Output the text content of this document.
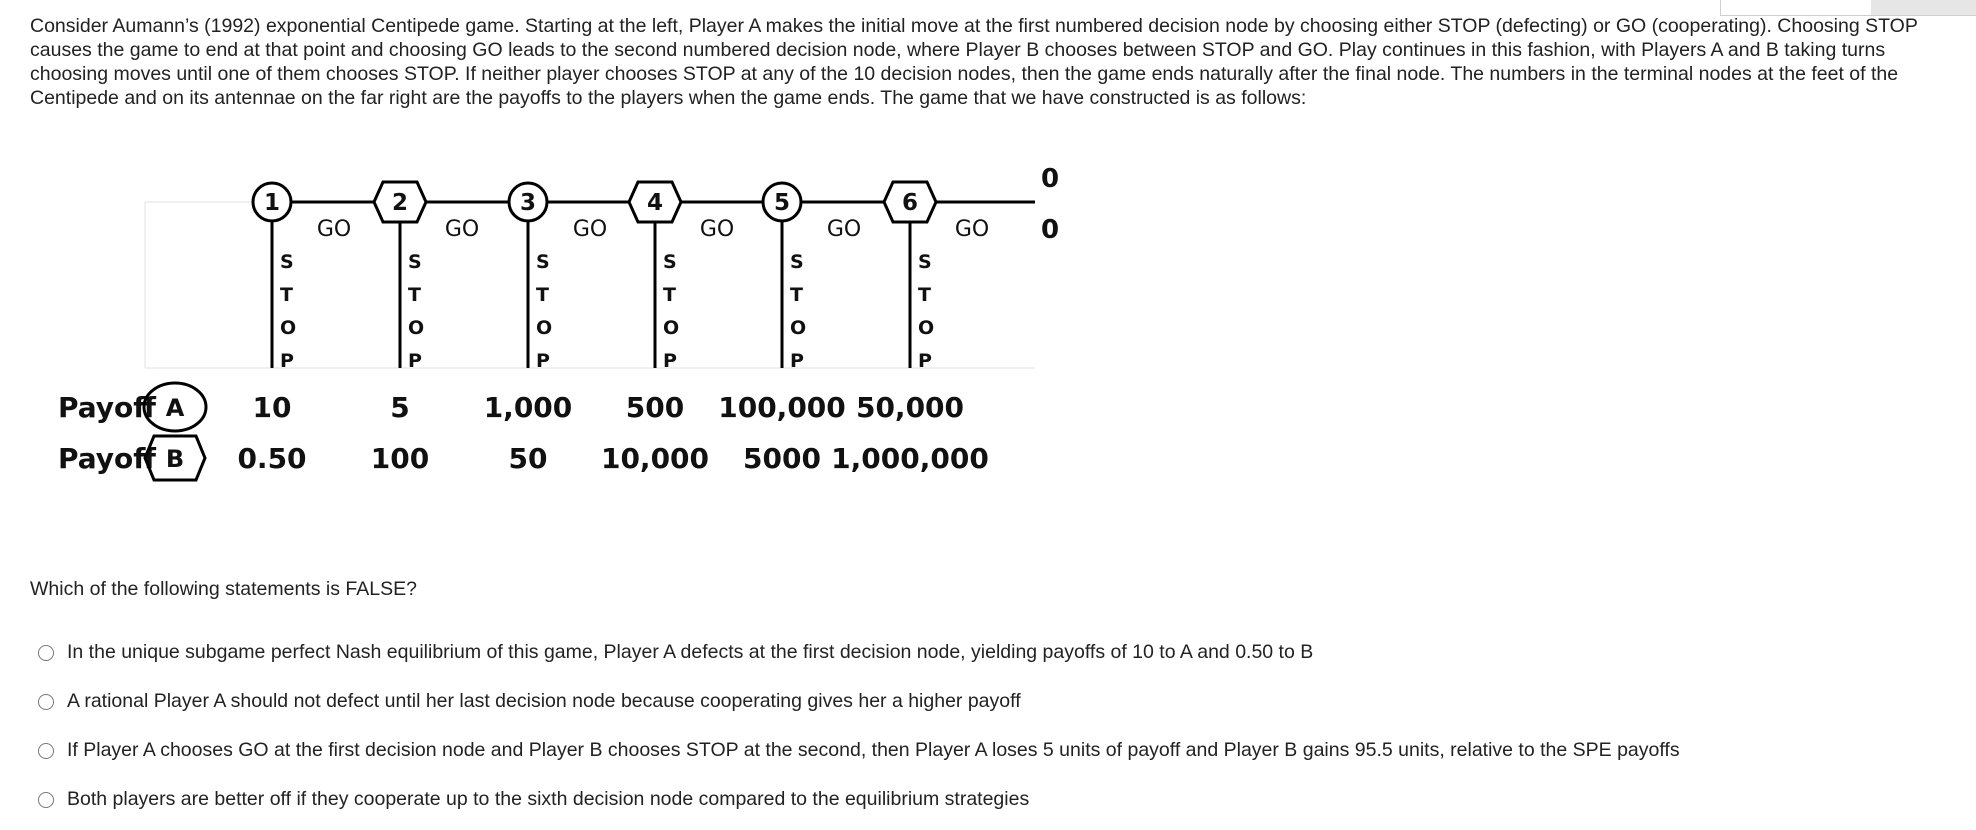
Consider Aumann’s (1992) exponential Centipede game. Starting at the left, Player A makes the initial move at the first numbered decision node by choosing either STOP (defecting) or GO (cooperating). Choosing STOP causes the game to end at that point and choosing GO leads to the second numbered decision node, where Player B chooses between STOP and GO. Play continues in this fashion, with Players A and B taking turns choosing moves until one of them chooses STOP. If neither player chooses STOP at any of the 10 decision nodes, then the game ends naturally after the final node. The numbers in the terminal nodes at the feet of the Centipede and on its antennae on the far right are the payoffs to the players when the game ends. The game that we have constructed is as follows:
1
S
T
O
P
GO
10
0.50
2
S
T
O
P
GO
5
100
3
S
T
O
P
GO
1,000
50
4
S
T
O
P
GO
500
10,000
5
S
T
O
P
GO
100,000
5000
6
S
T
O
P
GO
50,000
1,000,000
0
0
Payoff
Payoff
A
B
Which of the following statements is FALSE?
In the unique subgame perfect Nash equilibrium of this game, Player A defects at the first decision node, yielding payoffs of 10 to A and 0.50 to B
A rational Player A should not defect until her last decision node because cooperating gives her a higher payoff
If Player A chooses GO at the first decision node and Player B chooses STOP at the second, then Player A loses 5 units of payoff and Player B gains 95.5 units, relative to the SPE payoffs
Both players are better off if they cooperate up to the sixth decision node compared to the equilibrium strategies
